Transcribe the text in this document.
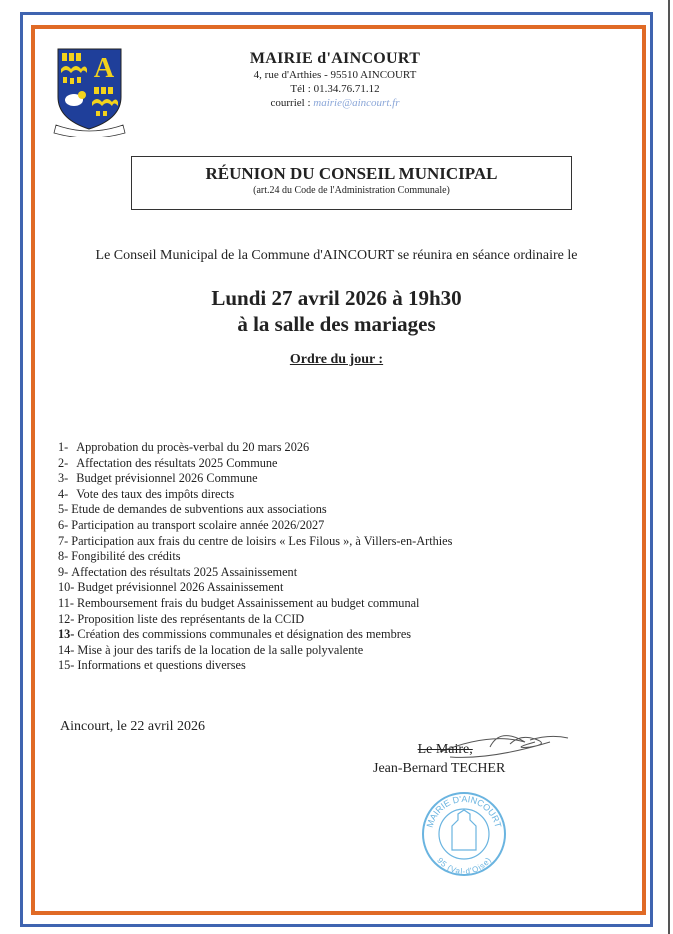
A	MAIRIE d'AINCOURT
4, rue d'Arthies - 95510 AINCOURT
Tél : 01.34.76.71.12
courriel : mairie@aincourt.fr
RÉUNION DU CONSEIL MUNICIPAL
(art.24 du Code de l'Administration Communale)
Le Conseil Municipal de la Commune d'AINCOURT se réunira en séance ordinaire le
Lundi 27 avril 2026 à 19h30
à la salle des mariages
Ordre du jour :
1- Approbation du procès-verbal du 20 mars 2026
2- Affectation des résultats 2025 Commune
3- Budget prévisionnel 2026 Commune
4- Vote des taux des impôts directs
5- Etude de demandes de subventions aux associations
6- Participation au transport scolaire année 2026/2027
7- Participation aux frais du centre de loisirs « Les Filous », à Villers-en-Arthies
8- Fongibilité des crédits
9- Affectation des résultats 2025 Assainissement
10- Budget prévisionnel 2026 Assainissement
11- Remboursement frais du budget Assainissement au budget communal
12- Proposition liste des représentants de la CCID
13- Création des commissions communales et désignation des membres
14- Mise à jour des tarifs de la location de la salle polyvalente
15- Informations et questions diverses
Aincourt, le 22 avril 2026
Le Maire,
Jean-Bernard TECHER
MAIRIE D'AINCOURT
95 (Val-d'Oise)
